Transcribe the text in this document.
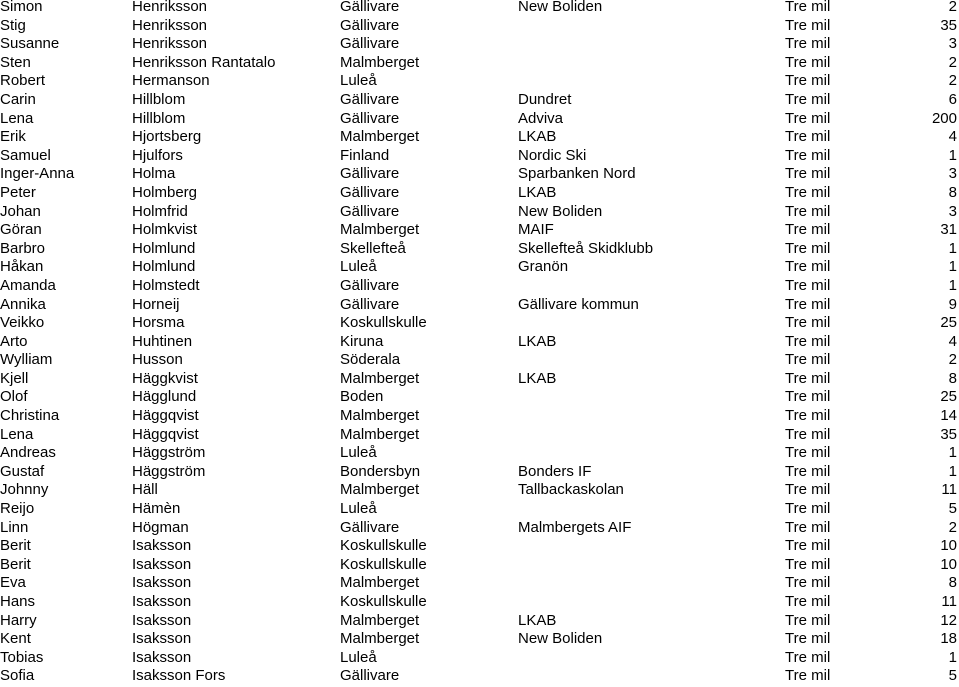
Simon	Henriksson	Gällivare	New Boliden	Tre mil	2
Stig	Henriksson	Gällivare		Tre mil	35
Susanne	Henriksson	Gällivare		Tre mil	3
Sten	Henriksson Rantatalo	Malmberget		Tre mil	2
Robert	Hermanson	Luleå		Tre mil	2
Carin	Hillblom	Gällivare	Dundret	Tre mil	6
Lena	Hillblom	Gällivare	Adviva	Tre mil	200
Erik	Hjortsberg	Malmberget	LKAB	Tre mil	4
Samuel	Hjulfors	Finland	Nordic Ski	Tre mil	1
Inger-Anna	Holma	Gällivare	Sparbanken Nord	Tre mil	3
Peter	Holmberg	Gällivare	LKAB	Tre mil	8
Johan	Holmfrid	Gällivare	New Boliden	Tre mil	3
Göran	Holmkvist	Malmberget	MAIF	Tre mil	31
Barbro	Holmlund	Skellefteå	Skellefteå Skidklubb	Tre mil	1
Håkan	Holmlund	Luleå	Granön	Tre mil	1
Amanda	Holmstedt	Gällivare		Tre mil	1
Annika	Horneij	Gällivare	Gällivare kommun	Tre mil	9
Veikko	Horsma	Koskullskulle		Tre mil	25
Arto	Huhtinen	Kiruna	LKAB	Tre mil	4
Wylliam	Husson	Söderala		Tre mil	2
Kjell	Häggkvist	Malmberget	LKAB	Tre mil	8
Olof	Hägglund	Boden		Tre mil	25
Christina	Häggqvist	Malmberget		Tre mil	14
Lena	Häggqvist	Malmberget		Tre mil	35
Andreas	Häggström	Luleå		Tre mil	1
Gustaf	Häggström	Bondersbyn	Bonders IF	Tre mil	1
Johnny	Häll	Malmberget	Tallbackaskolan	Tre mil	11
Reijo	Hämèn	Luleå		Tre mil	5
Linn	Högman	Gällivare	Malmbergets AIF	Tre mil	2
Berit	Isaksson	Koskullskulle		Tre mil	10
Berit	Isaksson	Koskullskulle		Tre mil	10
Eva	Isaksson	Malmberget		Tre mil	8
Hans	Isaksson	Koskullskulle		Tre mil	11
Harry	Isaksson	Malmberget	LKAB	Tre mil	12
Kent	Isaksson	Malmberget	New Boliden	Tre mil	18
Tobias	Isaksson	Luleå		Tre mil	1
Sofia	Isaksson Fors	Gällivare		Tre mil	5
